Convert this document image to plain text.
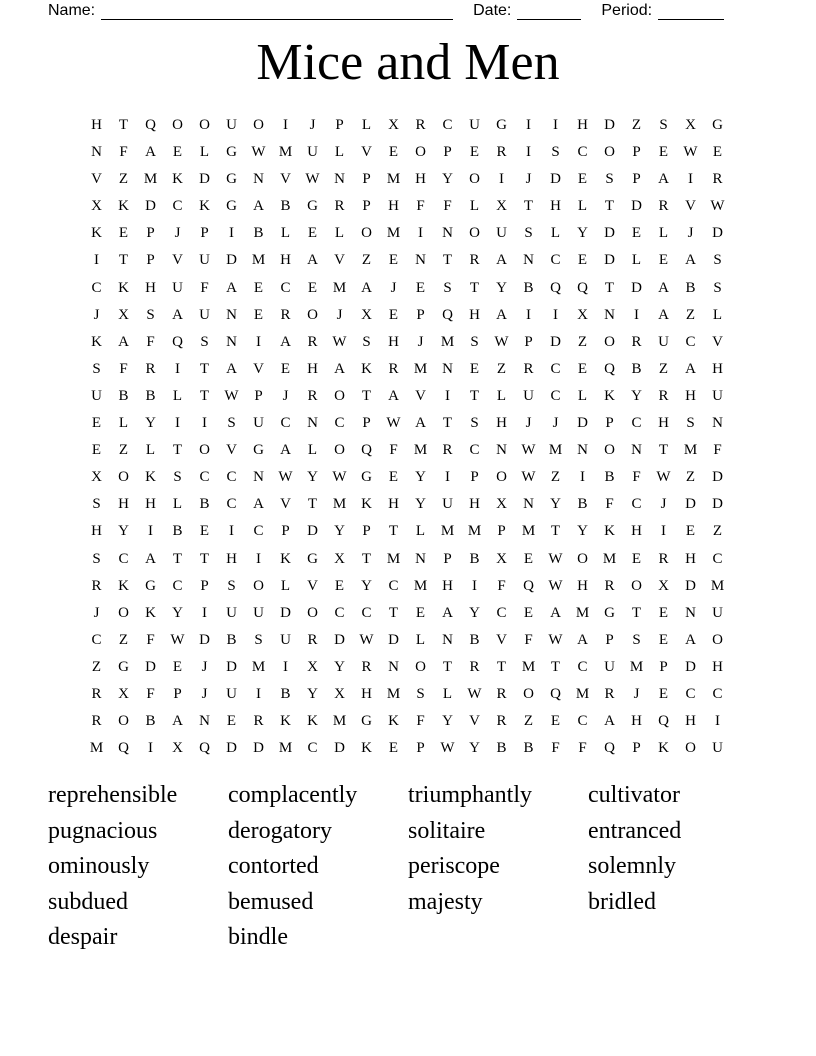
Name:	Date:	Period:
Mice and Men
H	T	Q	O	O	U	O	I	J	P	L	X	R	C	U	G	I	I	H	D	Z	S	X	G
N	F	A	E	L	G W M U	L	V	E	O	P	E	R	I	S	C	O	P	E	W	E
V	Z	M K	D	G	N	V W N	P	M H	Y	O	I	J	D	E	S	P	A	I	R
X	K	D	C	K	G	A	B	G	R	P	H	F	F	L	X	T	H	L	T	D	R	V W
K	E	P	J	P	I	B	L	E	L	O M	I	N	O	U	S	L	Y	D	E	L	J	D
I	T	P	V	U	D M H	A	V	Z	E	N	T	R	A	N	C	E	D	L	E	A	S
C	K	H	U	F	A	E	C	E	M A	J	E	S	T	Y	B	Q	Q	T	D	A	B	S
J	X	S	A	U	N	E	R	O	J	X	E	P	Q	H	A	I	I	X	N	I	A	Z	L
K	A	F	Q	S	N	I	A	R W	S	H	J	M	S	W	P	D	Z	O	R	U	C	V
S	F	R	I	T	A	V	E	H	A	K	R	M N	E	Z	R	C	E	Q	B	Z	A	H
U	B	B	L	T	W	P	J	R	O	T	A	V	I	T	L	U	C	L	K	Y	R	H	U
E	L	Y	I	I	S	U	C	N	C	P	W A	T	S	H	J	J	D	P	C	H	S	N
E	Z	L	T	O	V	G	A	L	O	Q	F	M	R	C	N W M N	O	N	T	M	F
X	O	K	S	C	C	N W Y W G	E	Y	I	P	O W	Z	I	B	F	W	Z	D
S	H	H	L	B	C	A	V	T	M K	H	Y	U	H	X	N	Y	B	F	C	J	D	D
H	Y	I	B	E	I	C	P	D	Y	P	T	L	M M	P	M	T	Y	K	H	I	E	Z
S	C	A	T	T	H	I	K	G	X	T	M N	P	B	X	E	W O M	E	R	H	C
R	K	G	C	P	S	O	L	V	E	Y	C	M H	I	F	Q W H	R	O	X	D M
J	O	K	Y	I	U	U	D	O	C	C	T	E	A	Y	C	E	A M G	T	E	N	U
C	Z	F	W D	B	S	U	R	D W D	L	N	B	V	F	W A	P	S	E	A	O
Z	G	D	E	J	D M	I	X	Y	R	N	O	T	R	T	M	T	C	U M	P	D	H
R	X	F	P	J	U	I	B	Y	X	H M	S	L	W R	O	Q M	R	J	E	C	C
R	O	B	A	N	E	R	K	K M G	K	F	Y	V	R	Z	E	C	A	H	Q	H	I
M Q	I	X	Q	D	D M	C	D	K	E	P	W Y	B	B	F	F	Q	P	K	O	U
reprehensible	complacently	triumphantly	cultivator
pugnacious	derogatory	solitaire	entranced
ominously	contorted	periscope	solemnly
subdued	bemused	majesty	bridled
despair	bindle
